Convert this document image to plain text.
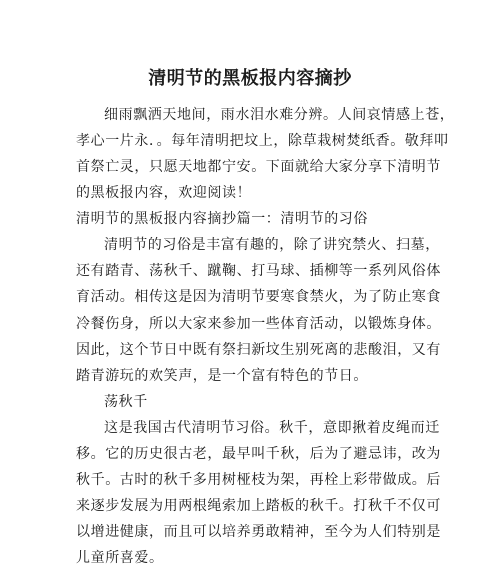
清明节的黑板报内容摘抄
细雨飘洒天地间，雨水泪水难分辨。人间哀情感上苍，
孝心一片永．。每年清明把坟上，除草栽树焚纸香。敬拜叩
首祭亡灵，只愿天地都宁安。下面就给大家分享下清明节
的黑板报内容，欢迎阅读！
清明节的黑板报内容摘抄篇一：清明节的习俗
清明节的习俗是丰富有趣的，除了讲究禁火、扫墓，
还有踏青、荡秋千、蹴鞠、打马球、插柳等一系列风俗体
育活动。相传这是因为清明节要寒食禁火，为了防止寒食
冷餐伤身，所以大家来参加一些体育活动，以锻炼身体。
因此，这个节日中既有祭扫新坟生别死离的悲酸泪，又有
踏青游玩的欢笑声，是一个富有特色的节日。
荡秋千
这是我国古代清明节习俗。秋千，意即揪着皮绳而迁
移。它的历史很古老，最早叫千秋，后为了避忌讳，改为
秋千。古时的秋千多用树桠枝为架，再栓上彩带做成。后
来逐步发展为用两根绳索加上踏板的秋千。打秋千不仅可
以增进健康，而且可以培养勇敢精神，至今为人们特别是
儿童所喜爱。
